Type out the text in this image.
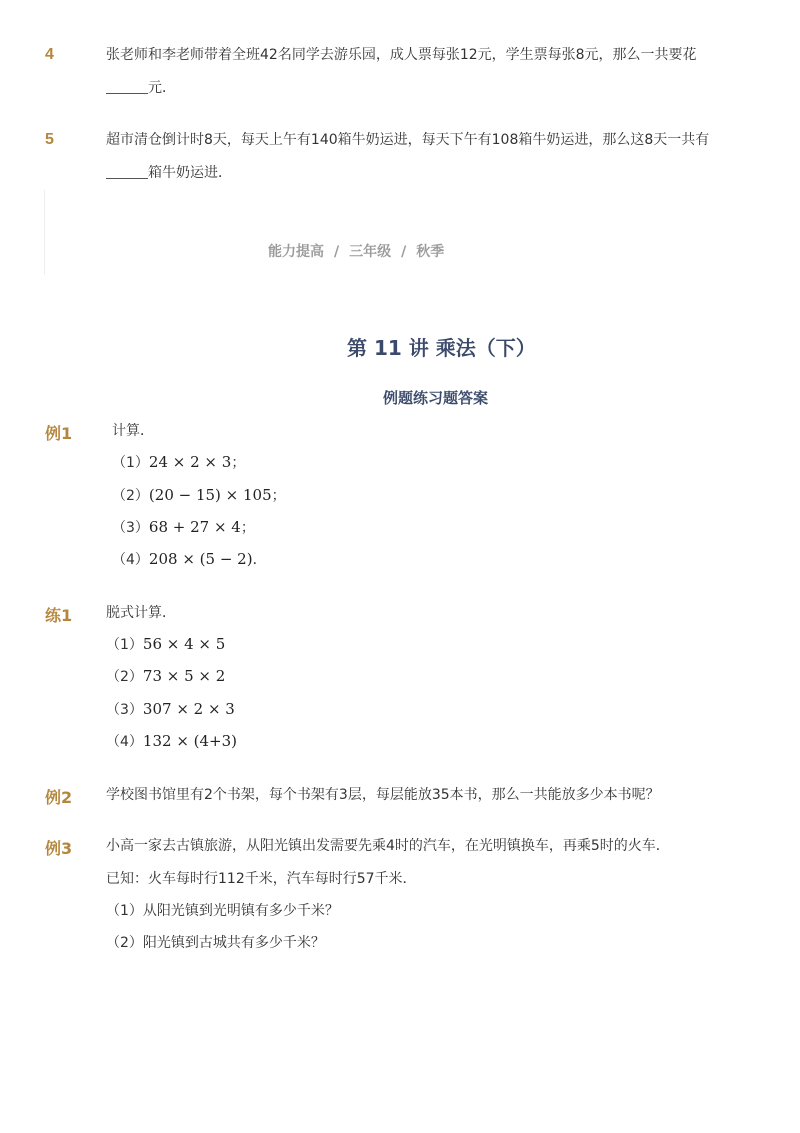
4	张老师和李老师带着全班42名同学去游乐园，成人票每张12元，学生票每张8元，那么一共要花
元．
5	超市清仓倒计时8天，每天上午有140箱牛奶运进，每天下午有108箱牛奶运进，那么这8天一共有
箱牛奶运进．
能力提高 / 三年级 / 秋季
第 11 讲 乘法（下）
例题练习题答案
例1	计算．
（1）24 × 2 × 3；
（2）(20 − 15) × 105；
（3）68 + 27 × 4；
（4）208 × (5 − 2)．
练1 脱式计算．
（1）56 × 4 × 5
（2）73 × 5 × 2
（3）307 × 2 × 3
（4）132 × (4+3)
例2 学校图书馆里有2个书架，每个书架有3层，每层能放35本书，那么一共能放多少本书呢？
例3 小高一家去古镇旅游，从阳光镇出发需要先乘4时的汽车，在光明镇换车，再乘5时的火车．
已知：火车每时行112千米，汽车每时行57千米．
（1）从阳光镇到光明镇有多少千米？
（2）阳光镇到古城共有多少千米？
